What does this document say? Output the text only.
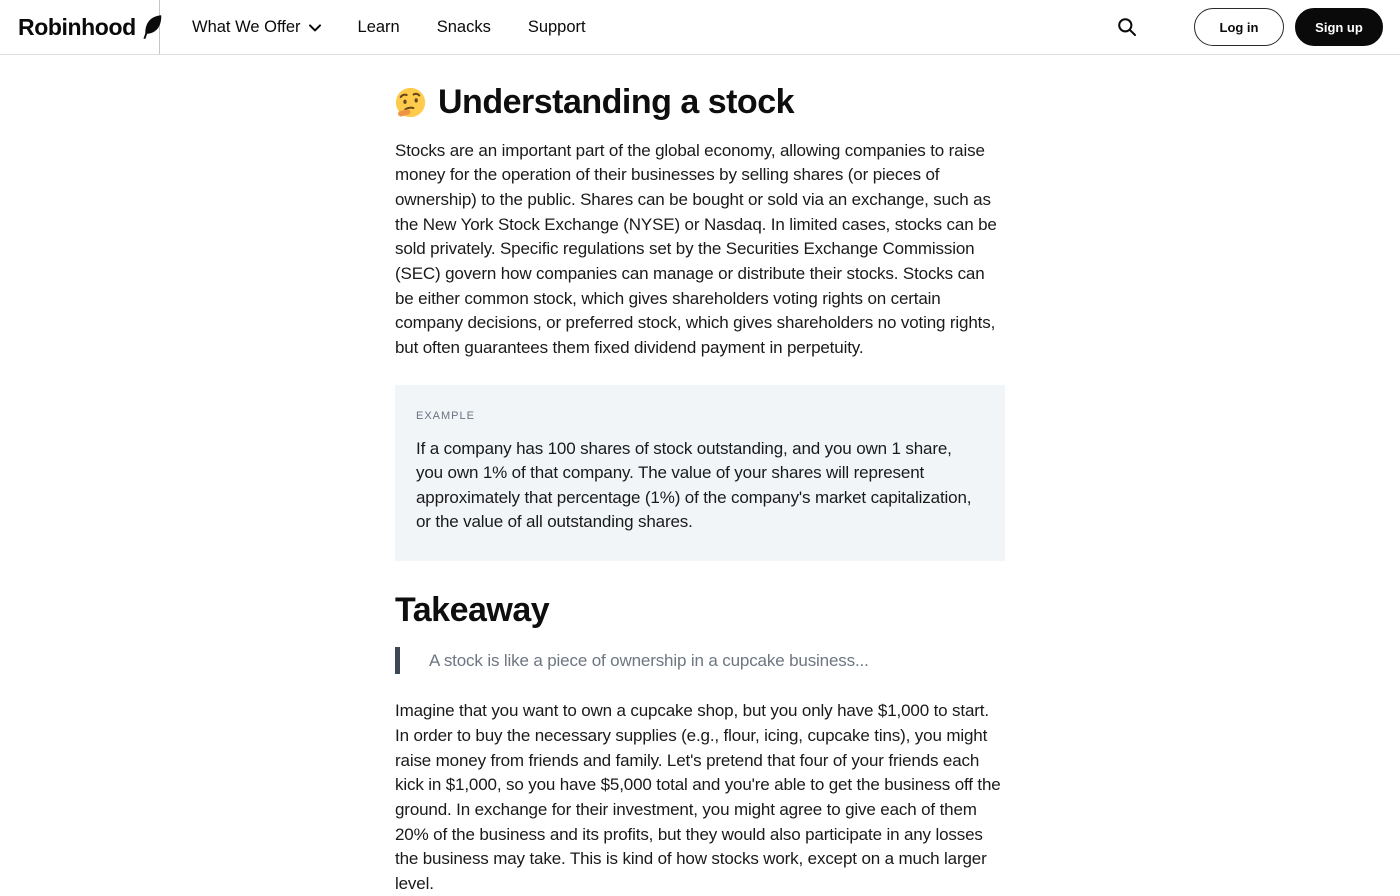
Robinhood	What We Offer	Learn Snacks Support	Log in	Sign up
Understanding a stock

Stocks are an important part of the global economy, allowing companies to raise money for the operation of their businesses by selling shares (or pieces of ownership) to the public. Shares can be bought or sold via an exchange, such as the New York Stock Exchange (NYSE) or Nasdaq. In limited cases, stocks can be sold privately. Specific regulations set by the Securities Exchange Commission (SEC) govern how companies can manage or distribute their stocks. Stocks can be either common stock, which gives shareholders voting rights on certain company decisions, or preferred stock, which gives shareholders no voting rights, but often guarantees them fixed dividend payment in perpetuity.

EXAMPLE

If a company has 100 shares of stock outstanding, and you own 1 share, you own 1% of that company. The value of your shares will represent approximately that percentage (1%) of the company's market capitalization, or the value of all outstanding shares.

Takeaway
A stock is like a piece of ownership in a cupcake business...

Imagine that you want to own a cupcake shop, but you only have $1,000 to start. In order to buy the necessary supplies (e.g., flour, icing, cupcake tins), you might raise money from friends and family. Let's pretend that four of your friends each kick in $1,000, so you have $5,000 total and you're able to get the business off the ground. In exchange for their investment, you might agree to give each of them 20% of the business and its profits, but they would also participate in any losses the business may take. This is kind of how stocks work, except on a much larger level.
